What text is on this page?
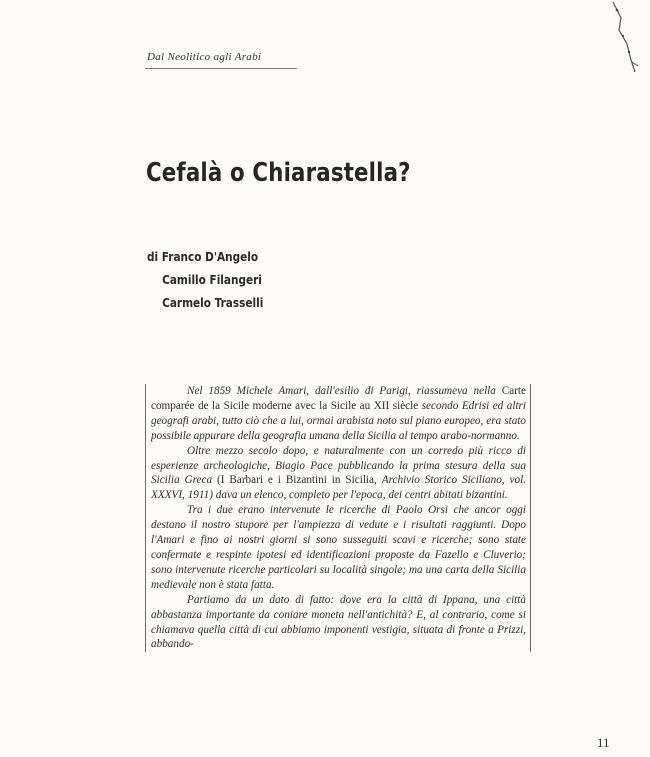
Dal Neolitico agli Arabi
Cefalà o Chiarastella?
di Franco D'Angelo
Camillo Filangeri
Carmelo Trasselli

Nel 1859 Michele Amari, dall'esilio di Parigi, riassumeva nella Carte comparée de la Sicile moderne avec la Sicile au XII siècle secondo Edrisi ed altri geografi arabi, tutto ciò che a lui, ormai arabista noto sul piano europeo, era stato possibile appurare della geografia umana della Sicilia al tempo arabo-normanno.

Oltre mezzo secolo dopo, e naturalmente con un corredo più ricco di esperienze archeologiche, Biagio Pace pubblicando la prima stesura della sua Sicilia Greca (I Barbari e i Bizantini in Sicilia, Archivio Storico Siciliano, vol. XXXVI, 1911) dava un elenco, completo per l'epoca, dei centri abitati bizantini.

Tra i due erano intervenute le ricerche di Paolo Orsi che ancor oggi destano il nostro stupore per l'ampiezza di vedute e i risultati raggiunti. Dopo l'Amari e fino ai nostri giorni si sono susseguiti scavi e ricerche; sono state confermate e respinte ipotesi ed identificazioni proposte da Fazello e Cluverio; sono intervenute ricerche particolari su località singole; ma una carta della Sicilia medievale non è stata fatta.

Partiamo da un dato di fatto: dove era la città di Ippana, una città abbastanza importante da coniare moneta nell'antichità? E, al contrario, come si chiamava quella città di cui abbiamo imponenti vestigia, situata di fronte a Prizzi, abbando-

11
